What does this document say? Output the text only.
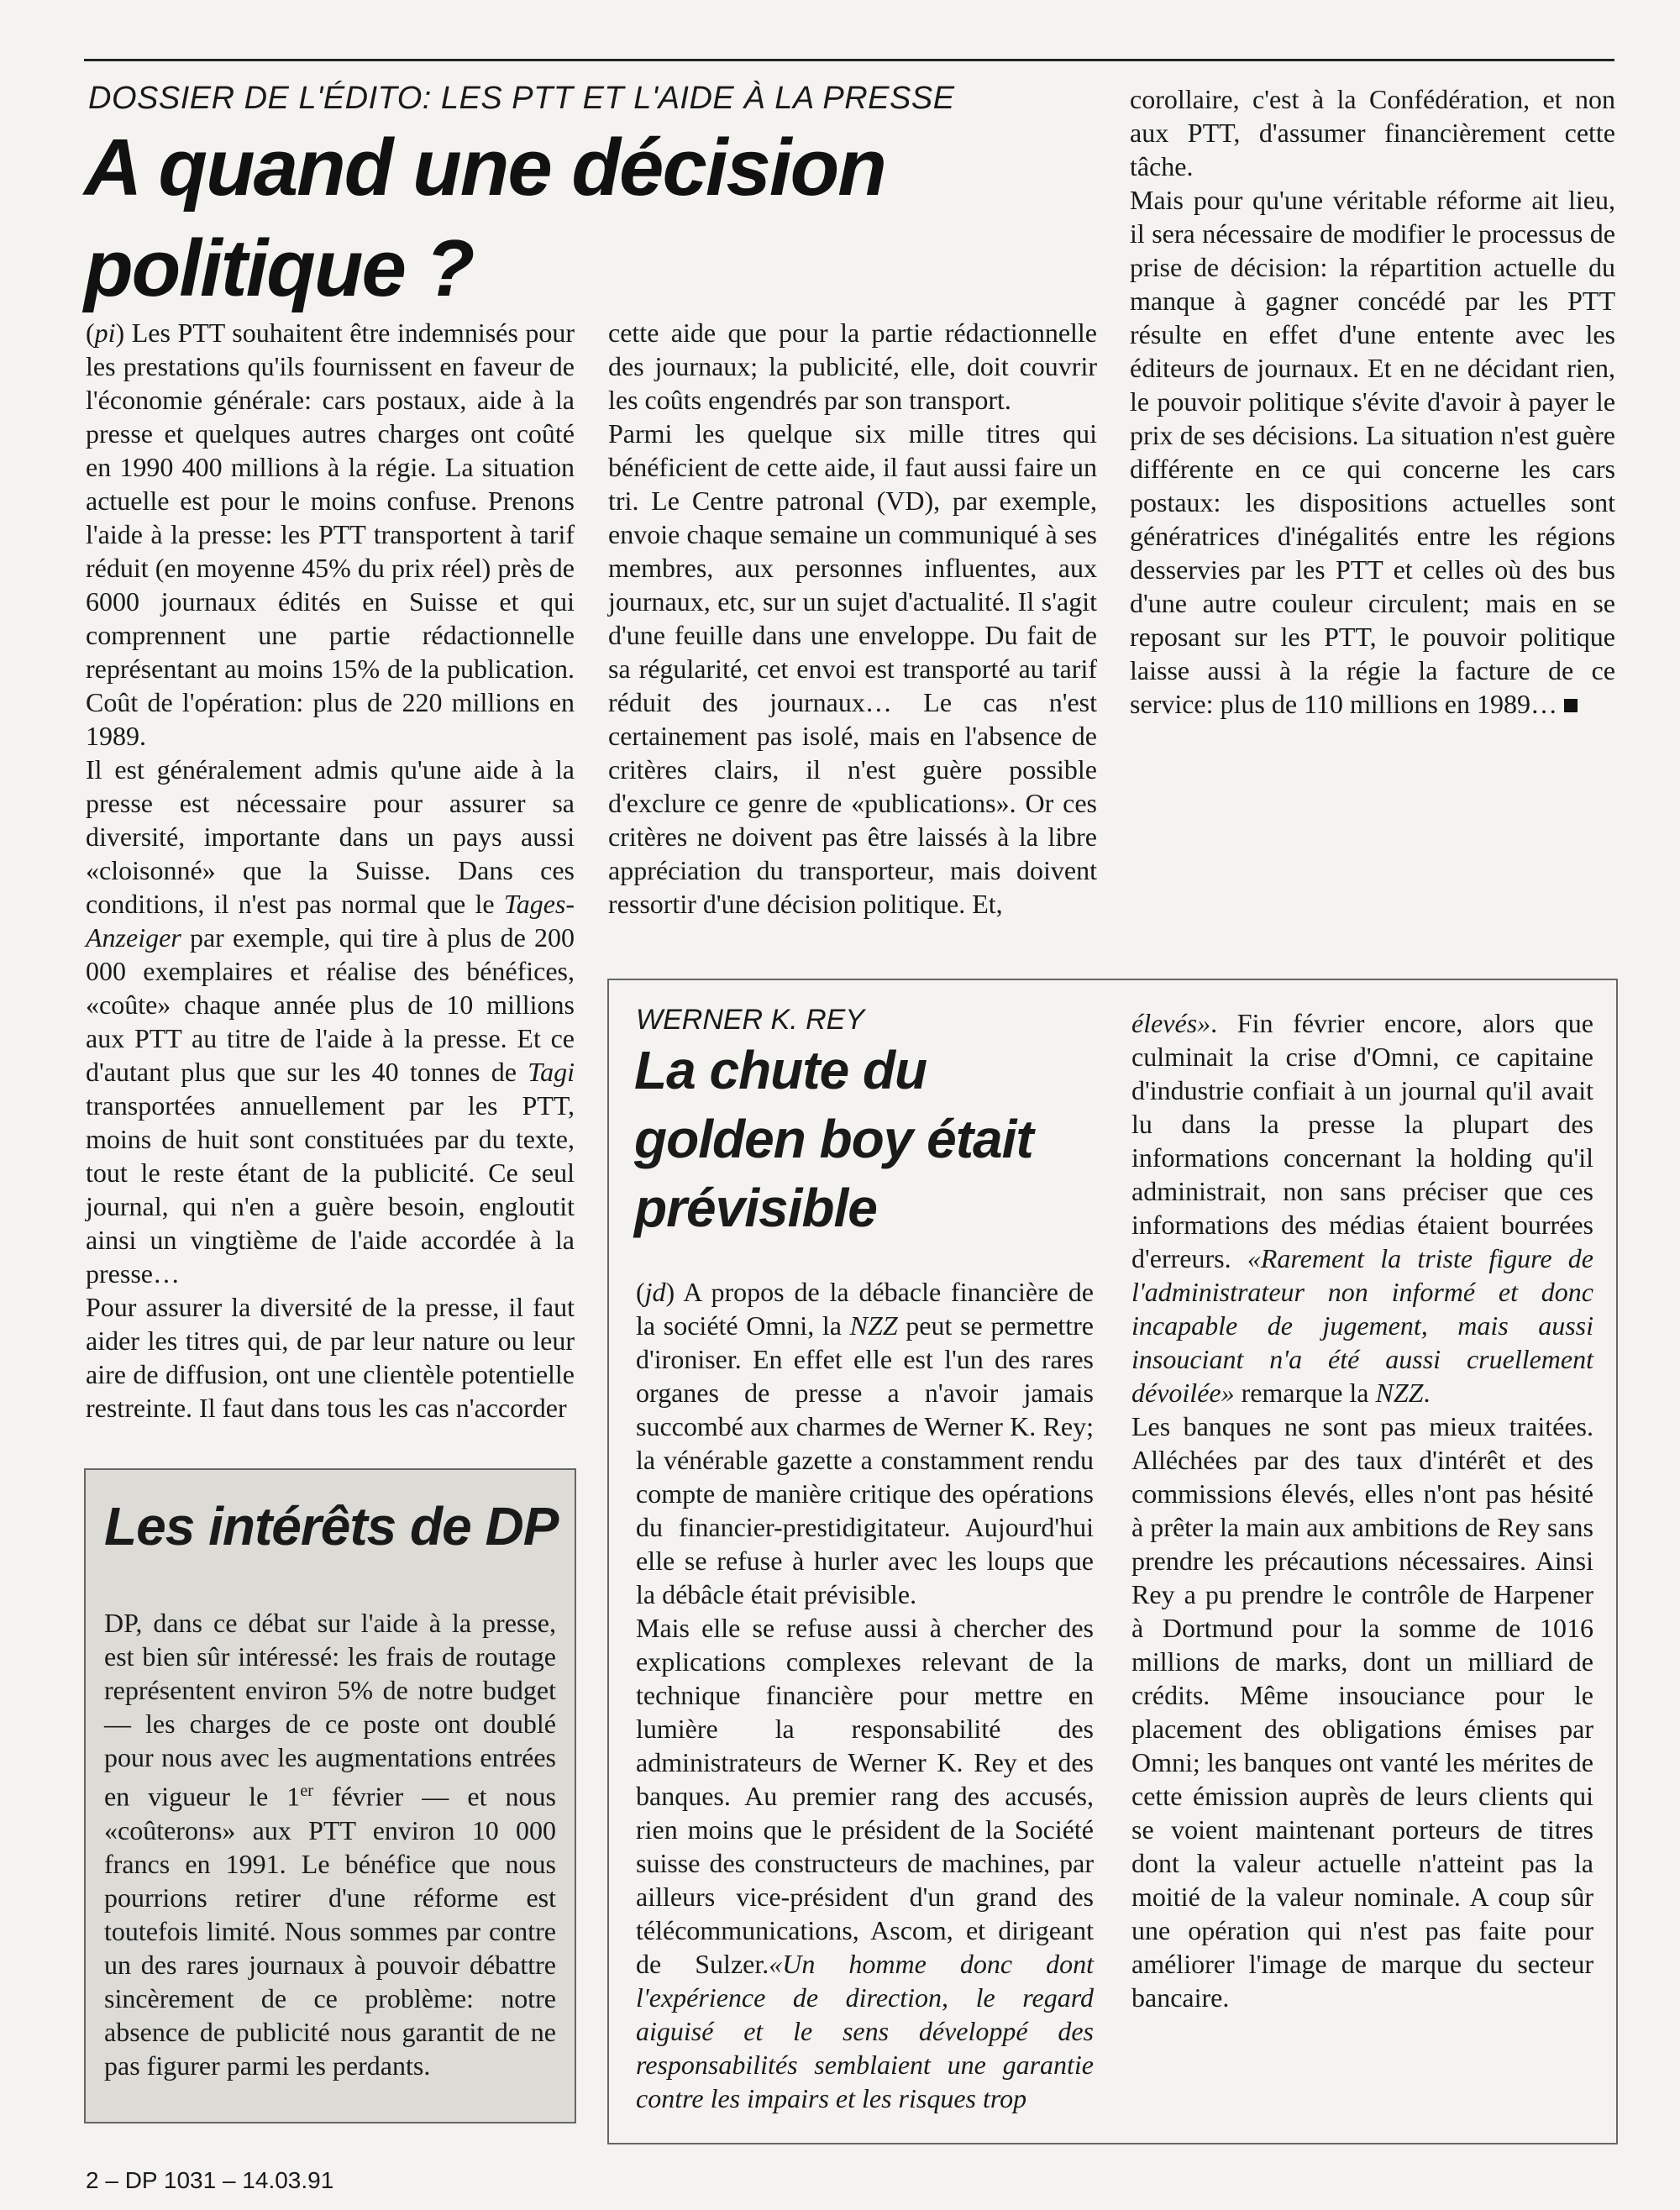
DOSSIER DE L'ÉDITO: LES PTT ET L'AIDE À LA PRESSE
A quand une décision politique ?

(pi) Les PTT souhaitent être indemnisés pour les prestations qu'ils fournissent en faveur de l'économie générale: cars postaux, aide à la presse et quelques autres charges ont coûté en 1990 400 millions à la régie. La situation actuelle est pour le moins confuse. Prenons l'aide à la presse: les PTT transportent à tarif réduit (en moyenne 45% du prix réel) près de 6000 journaux édités en Suisse et qui comprennent une partie rédactionnelle représentant au moins 15% de la publication. Coût de l'opération: plus de 220 millions en 1989.

Il est généralement admis qu'une aide à la presse est nécessaire pour assurer sa diversité, importante dans un pays aussi «cloisonné» que la Suisse. Dans ces conditions, il n'est pas normal que le Tages-Anzeiger par exemple, qui tire à plus de 200 000 exemplaires et réalise des bénéfices, «coûte» chaque année plus de 10 millions aux PTT au titre de l'aide à la presse. Et ce d'autant plus que sur les 40 tonnes de Tagi transportées annuellement par les PTT, moins de huit sont constituées par du texte, tout le reste étant de la publicité. Ce seul journal, qui n'en a guère besoin, engloutit ainsi un vingtième de l'aide accordée à la presse…

Pour assurer la diversité de la presse, il faut aider les titres qui, de par leur nature ou leur aire de diffusion, ont une clientèle potentielle restreinte. Il faut dans tous les cas n'accorder

cette aide que pour la partie rédactionnelle des journaux; la publicité, elle, doit couvrir les coûts engendrés par son transport.

Parmi les quelque six mille titres qui bénéficient de cette aide, il faut aussi faire un tri. Le Centre patronal (VD), par exemple, envoie chaque semaine un communiqué à ses membres, aux personnes influentes, aux journaux, etc, sur un sujet d'actualité. Il s'agit d'une feuille dans une enveloppe. Du fait de sa régularité, cet envoi est transporté au tarif réduit des journaux… Le cas n'est certainement pas isolé, mais en l'absence de critères clairs, il n'est guère possible d'exclure ce genre de «publications». Or ces critères ne doivent pas être laissés à la libre appréciation du transporteur, mais doivent ressortir d'une décision politique. Et,

corollaire, c'est à la Confédération, et non aux PTT, d'assumer financièrement cette tâche.

Mais pour qu'une véritable réforme ait lieu, il sera nécessaire de modifier le processus de prise de décision: la répartition actuelle du manque à gagner concédé par les PTT résulte en effet d'une entente avec les éditeurs de journaux. Et en ne décidant rien, le pouvoir politique s'évite d'avoir à payer le prix de ses décisions. La situation n'est guère différente en ce qui concerne les cars postaux: les dispositions actuelles sont génératrices d'inégalités entre les régions desservies par les PTT et celles où des bus d'une autre couleur circulent; mais en se reposant sur les PTT, le pouvoir politique laisse aussi à la régie la facture de ce service: plus de 110 millions en 1989…

Les intérêts de DP
DP, dans ce débat sur l'aide à la presse, est bien sûr intéressé: les frais de routage représentent environ 5% de notre budget — les charges de ce poste ont doublé pour nous avec les augmentations entrées en vigueur le 1er février — et nous «coûterons» aux PTT environ 10 000 francs en 1991. Le bénéfice que nous pourrions retirer d'une réforme est toutefois limité. Nous sommes par contre un des rares journaux à pouvoir débattre sincèrement de ce problème: notre absence de publicité nous garantit de ne pas figurer parmi les perdants.
WERNER K. REY
La chute du golden boy était prévisible

(jd) A propos de la débacle financière de la société Omni, la NZZ peut se permettre d'ironiser. En effet elle est l'un des rares organes de presse a n'avoir jamais succombé aux charmes de Werner K. Rey; la vénérable gazette a constamment rendu compte de manière critique des opérations du financier-prestidigitateur. Aujourd'hui elle se refuse à hurler avec les loups que la débâcle était prévisible.

Mais elle se refuse aussi à chercher des explications complexes relevant de la technique financière pour mettre en lumière la responsabilité des administrateurs de Werner K. Rey et des banques. Au premier rang des accusés, rien moins que le président de la Société suisse des constructeurs de machines, par ailleurs vice-président d'un grand des télécommunications, Ascom, et dirigeant de Sulzer.«Un homme donc dont l'expérience de direction, le regard aiguisé et le sens développé des responsabilités semblaient une garantie contre les impairs et les risques trop

élevés». Fin février encore, alors que culminait la crise d'Omni, ce capitaine d'industrie confiait à un journal qu'il avait lu dans la presse la plupart des informations concernant la holding qu'il administrait, non sans préciser que ces informations des médias étaient bourrées d'erreurs. «Rarement la triste figure de l'administrateur non informé et donc incapable de jugement, mais aussi insouciant n'a été aussi cruellement dévoilée» remarque la NZZ.

Les banques ne sont pas mieux traitées. Alléchées par des taux d'intérêt et des commissions élevés, elles n'ont pas hésité à prêter la main aux ambitions de Rey sans prendre les précautions nécessaires. Ainsi Rey a pu prendre le contrôle de Harpener à Dortmund pour la somme de 1016 millions de marks, dont un milliard de crédits. Même insouciance pour le placement des obligations émises par Omni; les banques ont vanté les mérites de cette émission auprès de leurs clients qui se voient maintenant porteurs de titres dont la valeur actuelle n'atteint pas la moitié de la valeur nominale. A coup sûr une opération qui n'est pas faite pour améliorer l'image de marque du secteur bancaire.

2 – DP 1031 – 14.03.91
